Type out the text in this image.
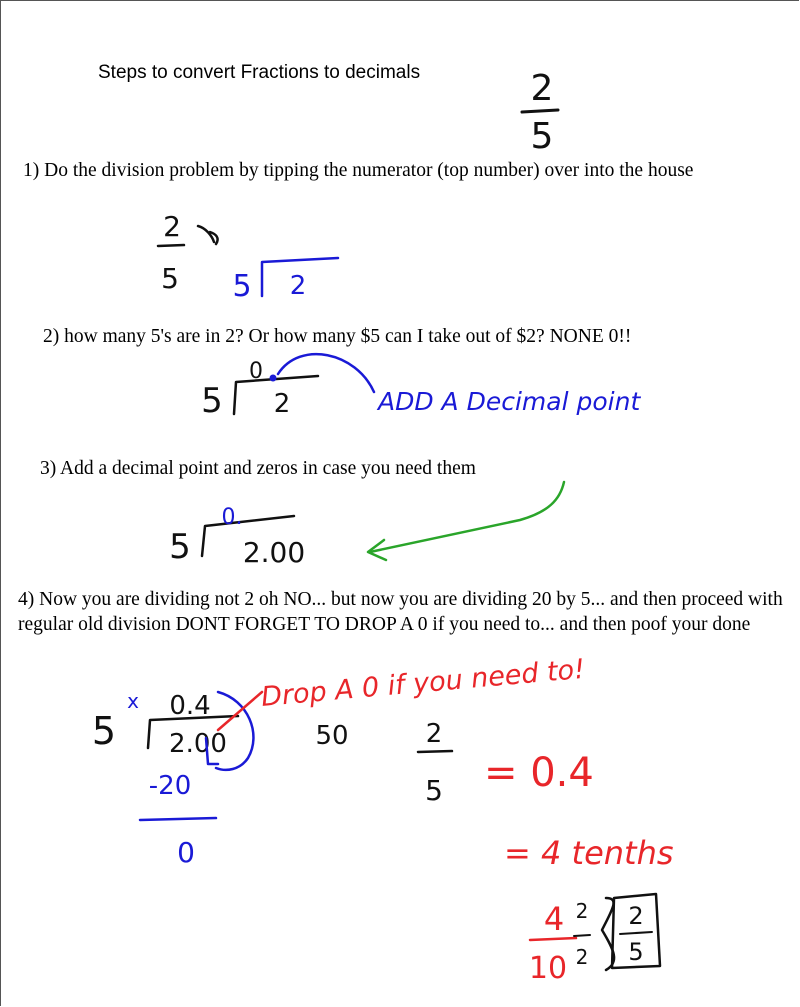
Steps to convert Fractions to decimals
1) Do the division problem by tipping the numerator (top number) over into the house
2) how many 5's are in 2? Or how many $5 can I take out of $2? NONE 0!!
3) Add a decimal point and zeros in case you need them
4) Now you are dividing not 2 oh NO... but now you are dividing 20 by 5... and then proceed with regular old division DONT FORGET TO DROP A 0 if you need to... and then poof your done
2
5
2
5 5 2
5
0
2	ADD A Decimal point
5
0.
2.00
5
x 0.4
2.00
-20
0
50
Drop A 0 if you need to!
2
5 = 0.4
= 4 tenths
4
10
2
2
2
5
